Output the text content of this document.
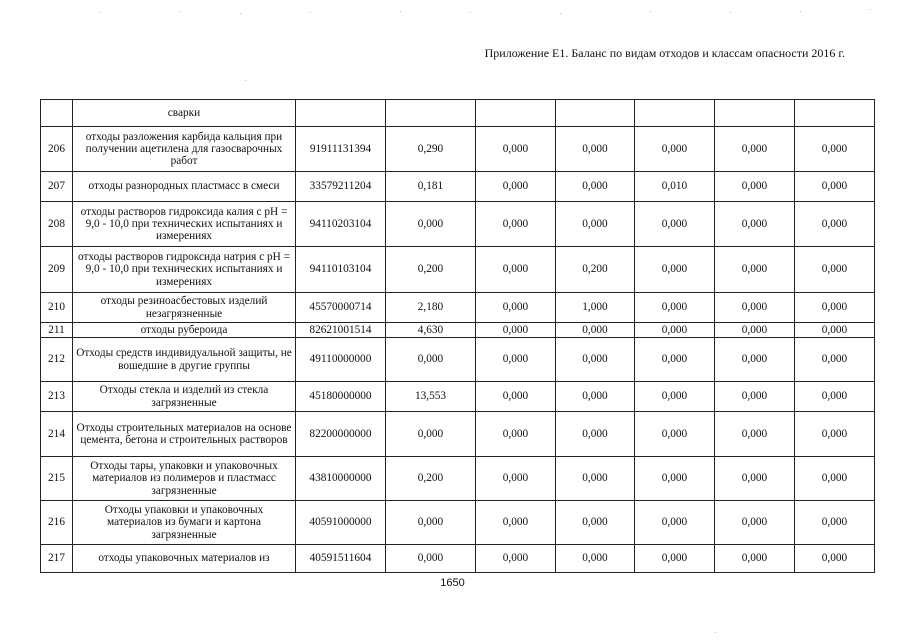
Приложение Е1. Баланс по видам отходов и классам опасности 2016 г.
	сварки							
206	отходы разложения карбида кальция при получении ацетилена для газосварочных работ	91911131394	0,290	0,000	0,000	0,000	0,000	0,000
207	отходы разнородных пластмасс в смеси	33579211204	0,181	0,000	0,000	0,010	0,000	0,000
208	отходы растворов гидроксида калия с pH = 9,0 - 10,0 при технических испытаниях и измерениях	94110203104	0,000	0,000	0,000	0,000	0,000	0,000
209	отходы растворов гидроксида натрия с pH = 9,0 - 10,0 при технических испытаниях и измерениях	94110103104	0,200	0,000	0,200	0,000	0,000	0,000
210	отходы резиноасбестовых изделий незагрязненные	45570000714	2,180	0,000	1,000	0,000	0,000	0,000
211	отходы рубероида	82621001514	4,630	0,000	0,000	0,000	0,000	0,000
212	Отходы средств индивидуальной защиты, не вошедшие в другие группы	49110000000	0,000	0,000	0,000	0,000	0,000	0,000
213	Отходы стекла и изделий из стекла загрязненные	45180000000	13,553	0,000	0,000	0,000	0,000	0,000
214	Отходы строительных материалов на основе цемента, бетона и строительных растворов	82200000000	0,000	0,000	0,000	0,000	0,000	0,000
215	Отходы тары, упаковки и упаковочных материалов из полимеров и пластмасс загрязненные	43810000000	0,200	0,000	0,000	0,000	0,000	0,000
216	Отходы упаковки и упаковочных материалов из бумаги и картона загрязненные	40591000000	0,000	0,000	0,000	0,000	0,000	0,000
217	отходы упаковочных материалов из	40591511604	0,000	0,000	0,000	0,000	0,000	0,000
1650
